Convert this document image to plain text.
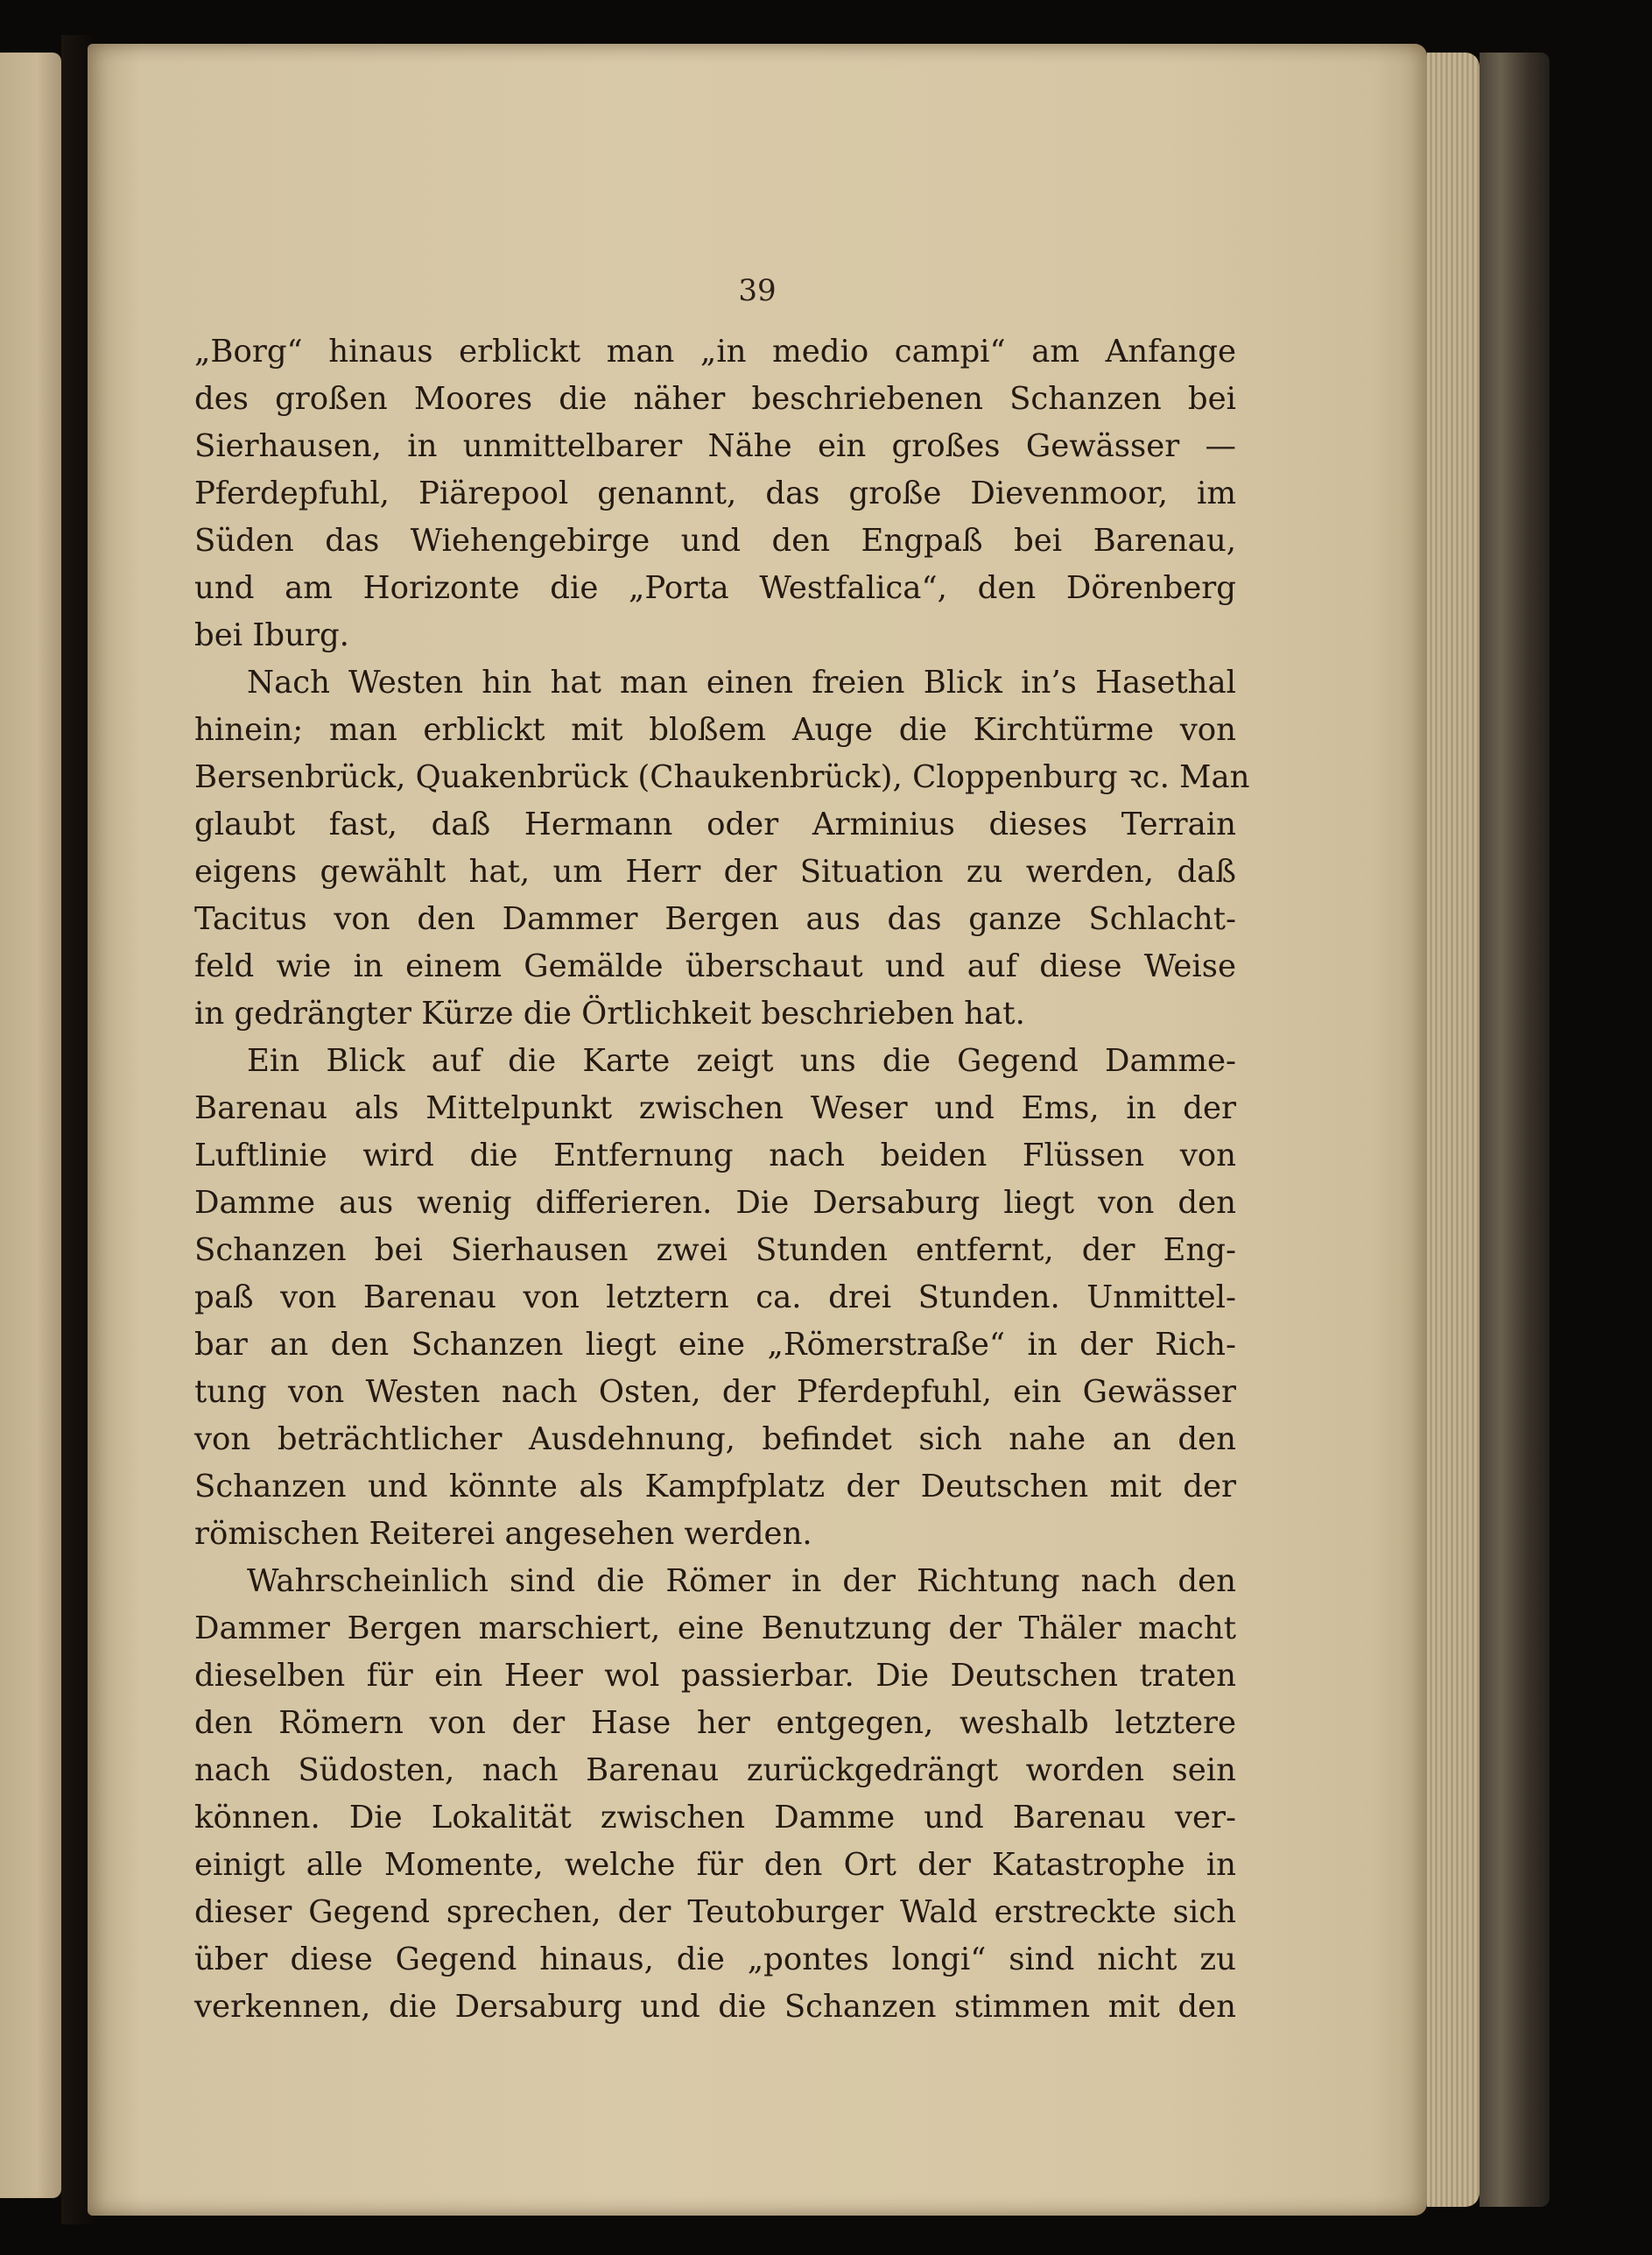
39
„Borg“ hinaus erblickt man „in medio campi“ am Anfange
des großen Moores die näher beschriebenen Schanzen bei
Sierhausen, in unmittelbarer Nähe ein großes Gewässer —
Pferdepfuhl, Piärepool genannt, das große Dievenmoor, im
Süden das Wiehengebirge und den Engpaß bei Barenau,
und am Horizonte die „Porta Westfalica“, den Dörenberg
bei Iburg.
Nach Westen hin hat man einen freien Blick in’s Hasethal
hinein; man erblickt mit bloßem Auge die Kirchtürme von
Bersenbrück, Quakenbrück (Chaukenbrück), Cloppenburg ꝛc. Man
glaubt fast, daß Hermann oder Arminius dieses Terrain
eigens gewählt hat, um Herr der Situation zu werden, daß
Tacitus von den Dammer Bergen aus das ganze Schlacht-
feld wie in einem Gemälde überschaut und auf diese Weise
in gedrängter Kürze die Örtlichkeit beschrieben hat.
Ein Blick auf die Karte zeigt uns die Gegend Damme-
Barenau als Mittelpunkt zwischen Weser und Ems, in der
Luftlinie wird die Entfernung nach beiden Flüssen von
Damme aus wenig differieren. Die Dersaburg liegt von den
Schanzen bei Sierhausen zwei Stunden entfernt, der Eng-
paß von Barenau von letztern ca. drei Stunden. Unmittel-
bar an den Schanzen liegt eine „Römerstraße“ in der Rich-
tung von Westen nach Osten, der Pferdepfuhl, ein Gewässer
von beträchtlicher Ausdehnung, befindet sich nahe an den
Schanzen und könnte als Kampfplatz der Deutschen mit der
römischen Reiterei angesehen werden.
Wahrscheinlich sind die Römer in der Richtung nach den
Dammer Bergen marschiert, eine Benutzung der Thäler macht
dieselben für ein Heer wol passierbar. Die Deutschen traten
den Römern von der Hase her entgegen, weshalb letztere
nach Südosten, nach Barenau zurückgedrängt worden sein
können. Die Lokalität zwischen Damme und Barenau ver-
einigt alle Momente, welche für den Ort der Katastrophe in
dieser Gegend sprechen, der Teutoburger Wald erstreckte sich
über diese Gegend hinaus, die „pontes longi“ sind nicht zu
verkennen, die Dersaburg und die Schanzen stimmen mit den
